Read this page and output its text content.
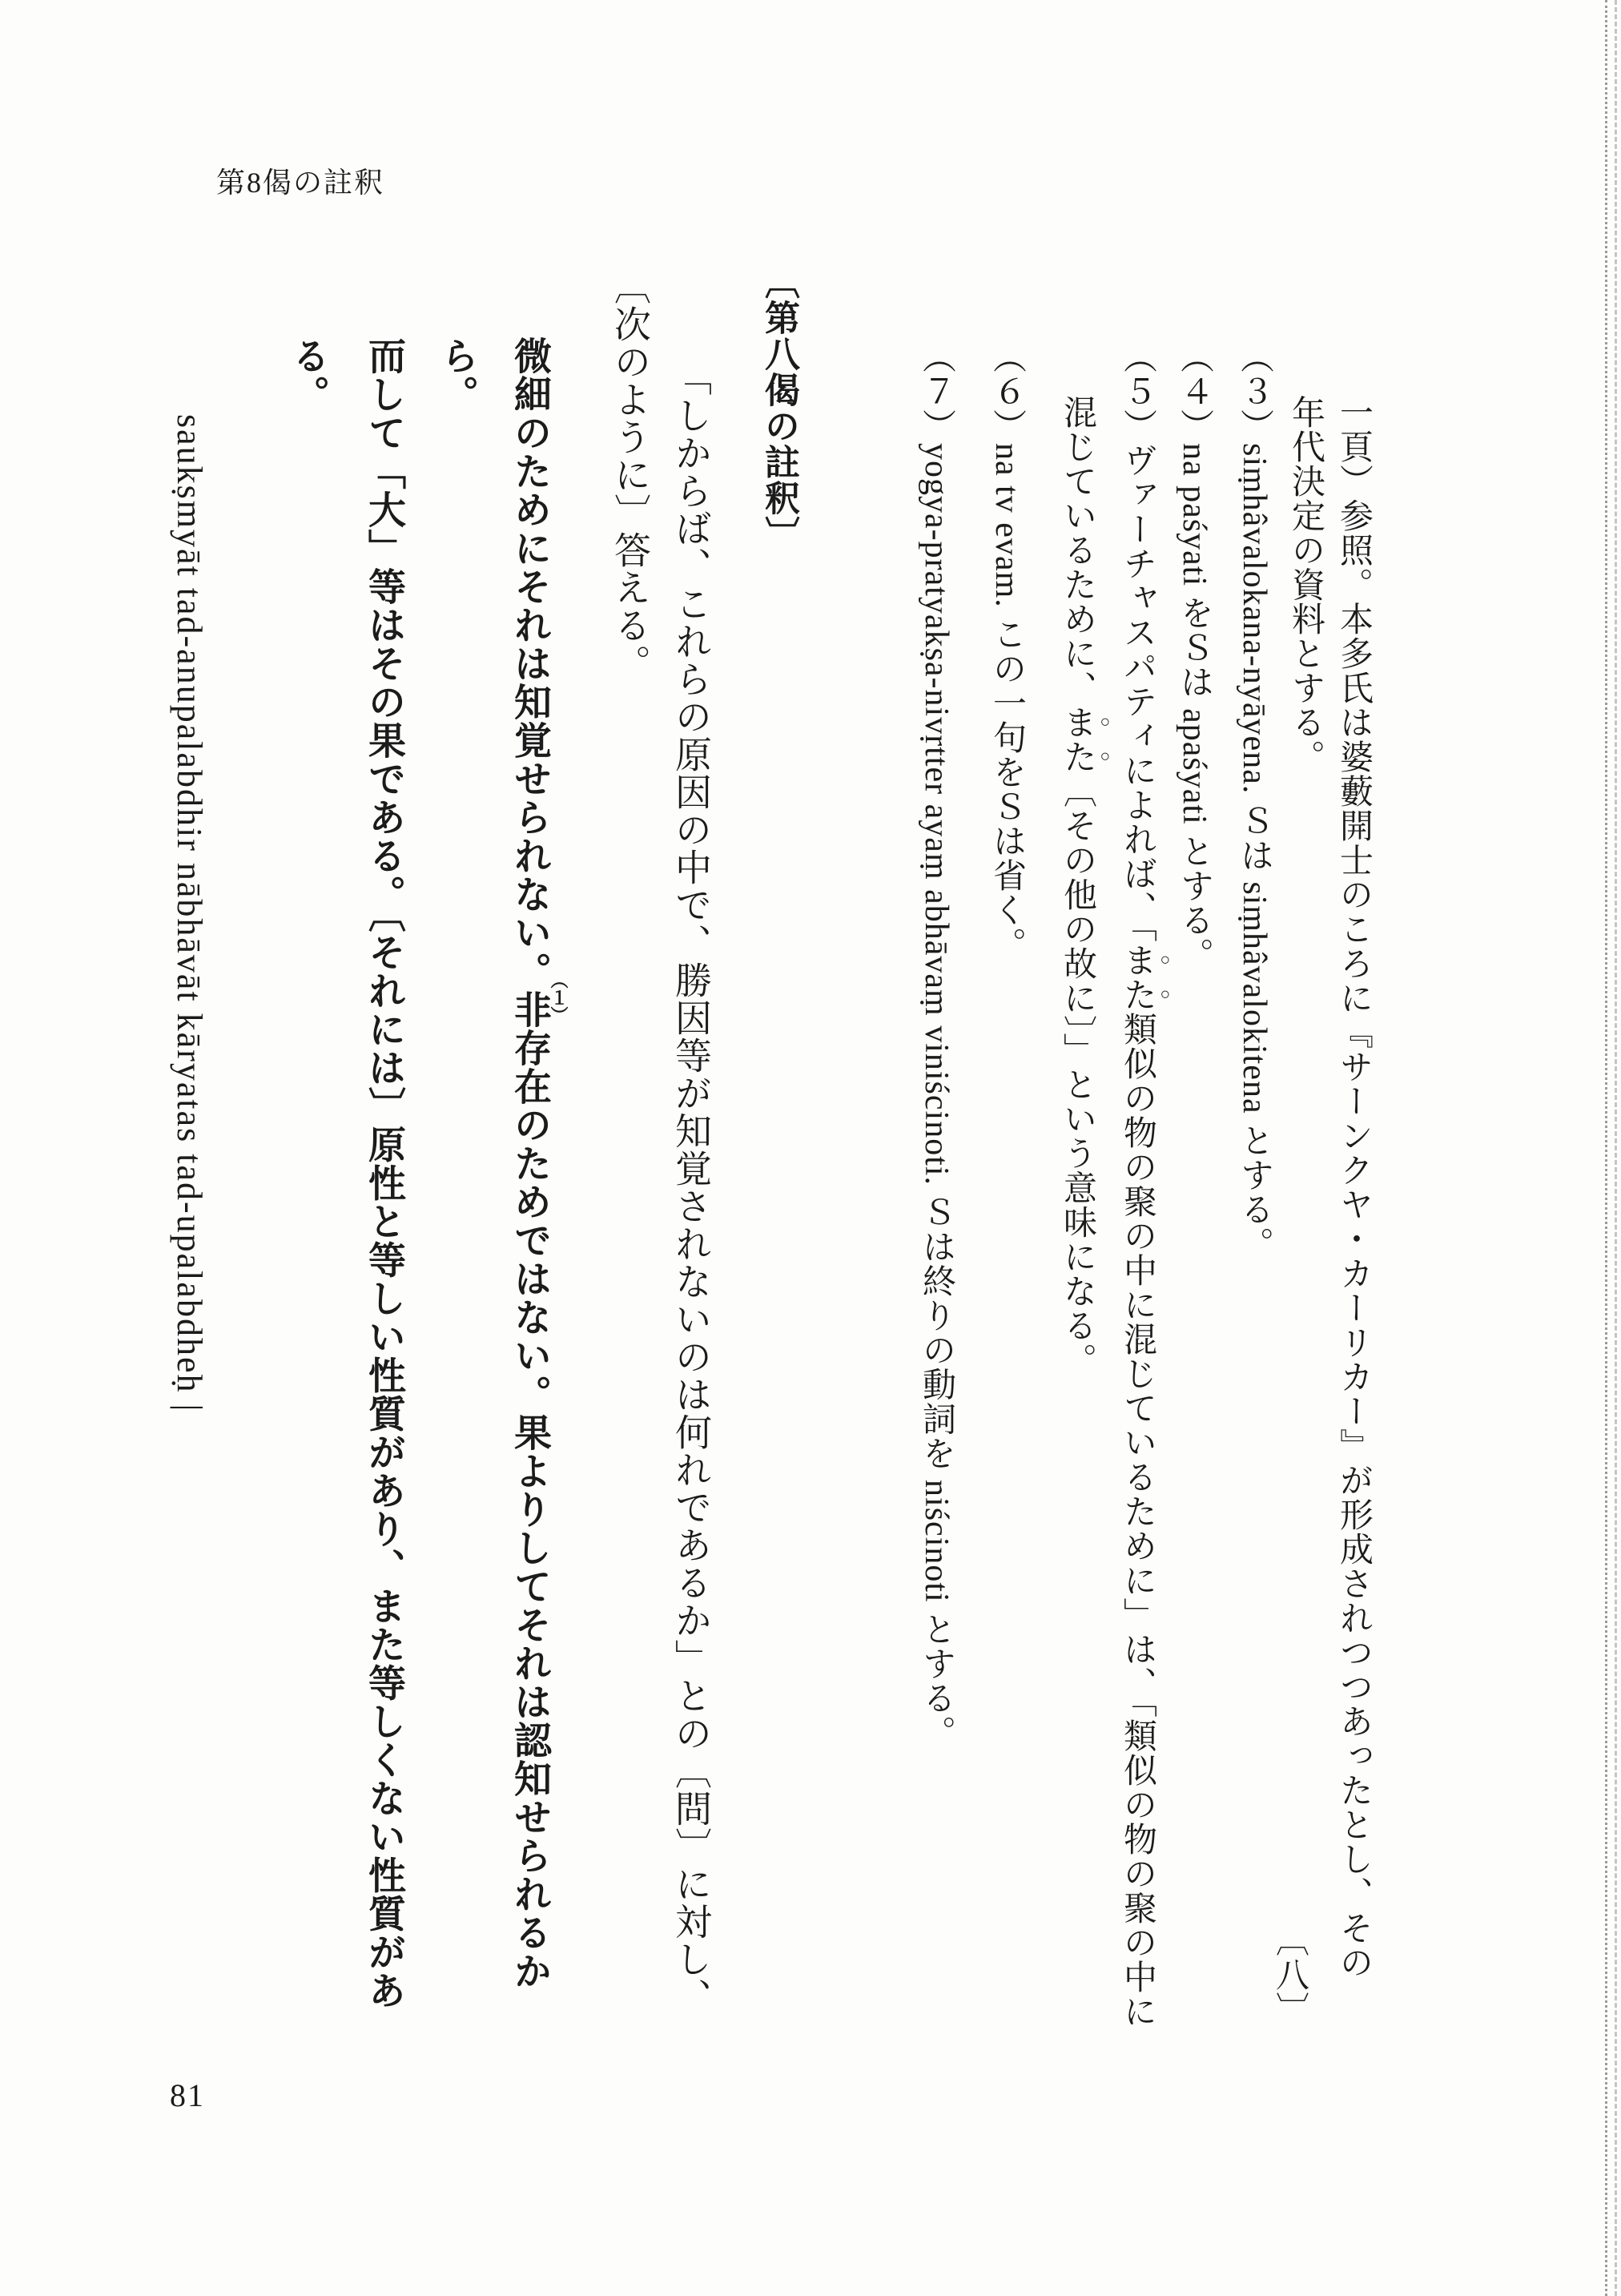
第8偈の註釈
一頁）参照。本多氏は婆藪開士のころに『サーンクヤ・カーリカー』が形成されつつあったとし、その
年代決定の資料とする。
（３）siṃhâvalokana-nyāyena. Ｓは siṃhâvalokitena とする。
（４）na paśyati をＳは apaśyati とする。
（５）ヴァーチャスパティによれば、「また類似の物の聚の中に混じているために」は、「類似の物の聚の中に
混じているために、また〔その他の故に〕」という意味になる。
（６）na tv evam. この一句をＳは省く。
（７）yogya-pratyakṣa-nivṛtter ayaṃ abhāvaṃ viniścinoti. Ｓは終りの動詞を niścinoti とする。
〔八〕
〔第八偈の註釈〕
「しからば、これらの原因の中で、勝因等が知覚されないのは何れであるか」との〔問〕に対し、
〔次のように〕答える。
微細のためにそれは知覚せられない。非存在のためではない。果よりしてそれは認知せられるか
（１）
ら。
而して「大」等はその果である。〔それには〕原性と等しい性質があり、また等しくない性質があ
る。
saukṣmyāt tad-anupalabdhir nābhāvāt kāryatas tad-upalabdheḥ |
81
